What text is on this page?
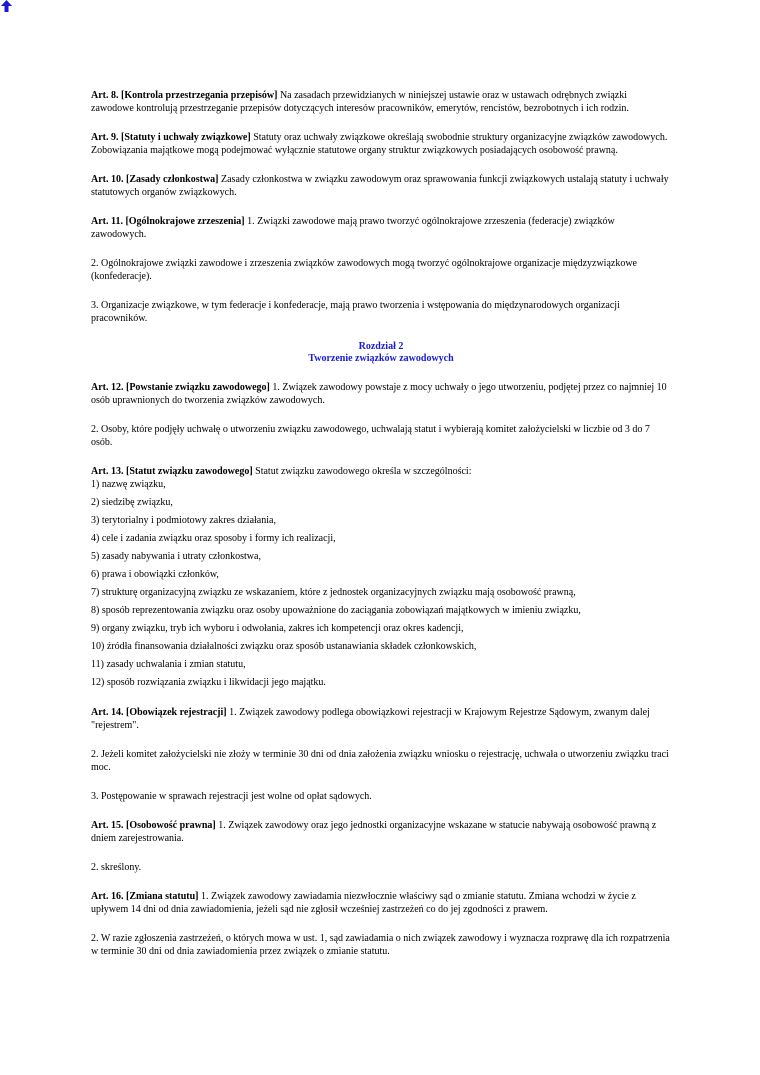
Art. 8. [Kontrola przestrzegania przepisów] Na zasadach przewidzianych w niniejszej ustawie oraz w ustawach odrębnych związki zawodowe kontrolują przestrzeganie przepisów dotyczących interesów pracowników, emerytów, rencistów, bezrobotnych i ich rodzin.

Art. 9. [Statuty i uchwały związkowe] Statuty oraz uchwały związkowe określają swobodnie struktury organizacyjne związków zawodowych. Zobowiązania majątkowe mogą podejmować wyłącznie statutowe organy struktur związkowych posiadających osobowość prawną.

Art. 10. [Zasady członkostwa] Zasady członkostwa w związku zawodowym oraz sprawowania funkcji związkowych ustalają statuty i uchwały statutowych organów związkowych.

Art. 11. [Ogólnokrajowe zrzeszenia] 1. Związki zawodowe mają prawo tworzyć ogólnokrajowe zrzeszenia (federacje) związków zawodowych.

2. Ogólnokrajowe związki zawodowe i zrzeszenia związków zawodowych mogą tworzyć ogólnokrajowe organizacje międzyzwiązkowe (konfederacje).

3. Organizacje związkowe, w tym federacje i konfederacje, mają prawo tworzenia i wstępowania do międzynarodowych organizacji pracowników.

Rozdział 2
Tworzenie związków zawodowych

Art. 12. [Powstanie związku zawodowego] 1. Związek zawodowy powstaje z mocy uchwały o jego utworzeniu, podjętej przez co najmniej 10 osób uprawnionych do tworzenia związków zawodowych.

2. Osoby, które podjęły uchwałę o utworzeniu związku zawodowego, uchwalają statut i wybierają komitet założycielski w liczbie od 3 do 7 osób.

Art. 13. [Statut związku zawodowego] Statut związku zawodowego określa w szczególności:

1) nazwę związku,
2) siedzibę związku,
3) terytorialny i podmiotowy zakres działania,
4) cele i zadania związku oraz sposoby i formy ich realizacji,
5) zasady nabywania i utraty członkostwa,
6) prawa i obowiązki członków,
7) strukturę organizacyjną związku ze wskazaniem, które z jednostek organizacyjnych związku mają osobowość prawną,
8) sposób reprezentowania związku oraz osoby upoważnione do zaciągania zobowiązań majątkowych w imieniu związku,
9) organy związku, tryb ich wyboru i odwołania, zakres ich kompetencji oraz okres kadencji,
10) źródła finansowania działalności związku oraz sposób ustanawiania składek członkowskich,
11) zasady uchwalania i zmian statutu,
12) sposób rozwiązania związku i likwidacji jego majątku.

Art. 14. [Obowiązek rejestracji] 1. Związek zawodowy podlega obowiązkowi rejestracji w Krajowym Rejestrze Sądowym, zwanym dalej "rejestrem".

2. Jeżeli komitet założycielski nie złoży w terminie 30 dni od dnia założenia związku wniosku o rejestrację, uchwała o utworzeniu związku traci moc.

3. Postępowanie w sprawach rejestracji jest wolne od opłat sądowych.

Art. 15. [Osobowość prawna] 1. Związek zawodowy oraz jego jednostki organizacyjne wskazane w statucie nabywają osobowość prawną z dniem zarejestrowania.

2. skreślony.

Art. 16. [Zmiana statutu] 1. Związek zawodowy zawiadamia niezwłocznie właściwy sąd o zmianie statutu. Zmiana wchodzi w życie z upływem 14 dni od dnia zawiadomienia, jeżeli sąd nie zgłosił wcześniej zastrzeżeń co do jej zgodności z prawem.

2. W razie zgłoszenia zastrzeżeń, o których mowa w ust. 1, sąd zawiadamia o nich związek zawodowy i wyznacza rozprawę dla ich rozpatrzenia w terminie 30 dni od dnia zawiadomienia przez związek o zmianie statutu.
